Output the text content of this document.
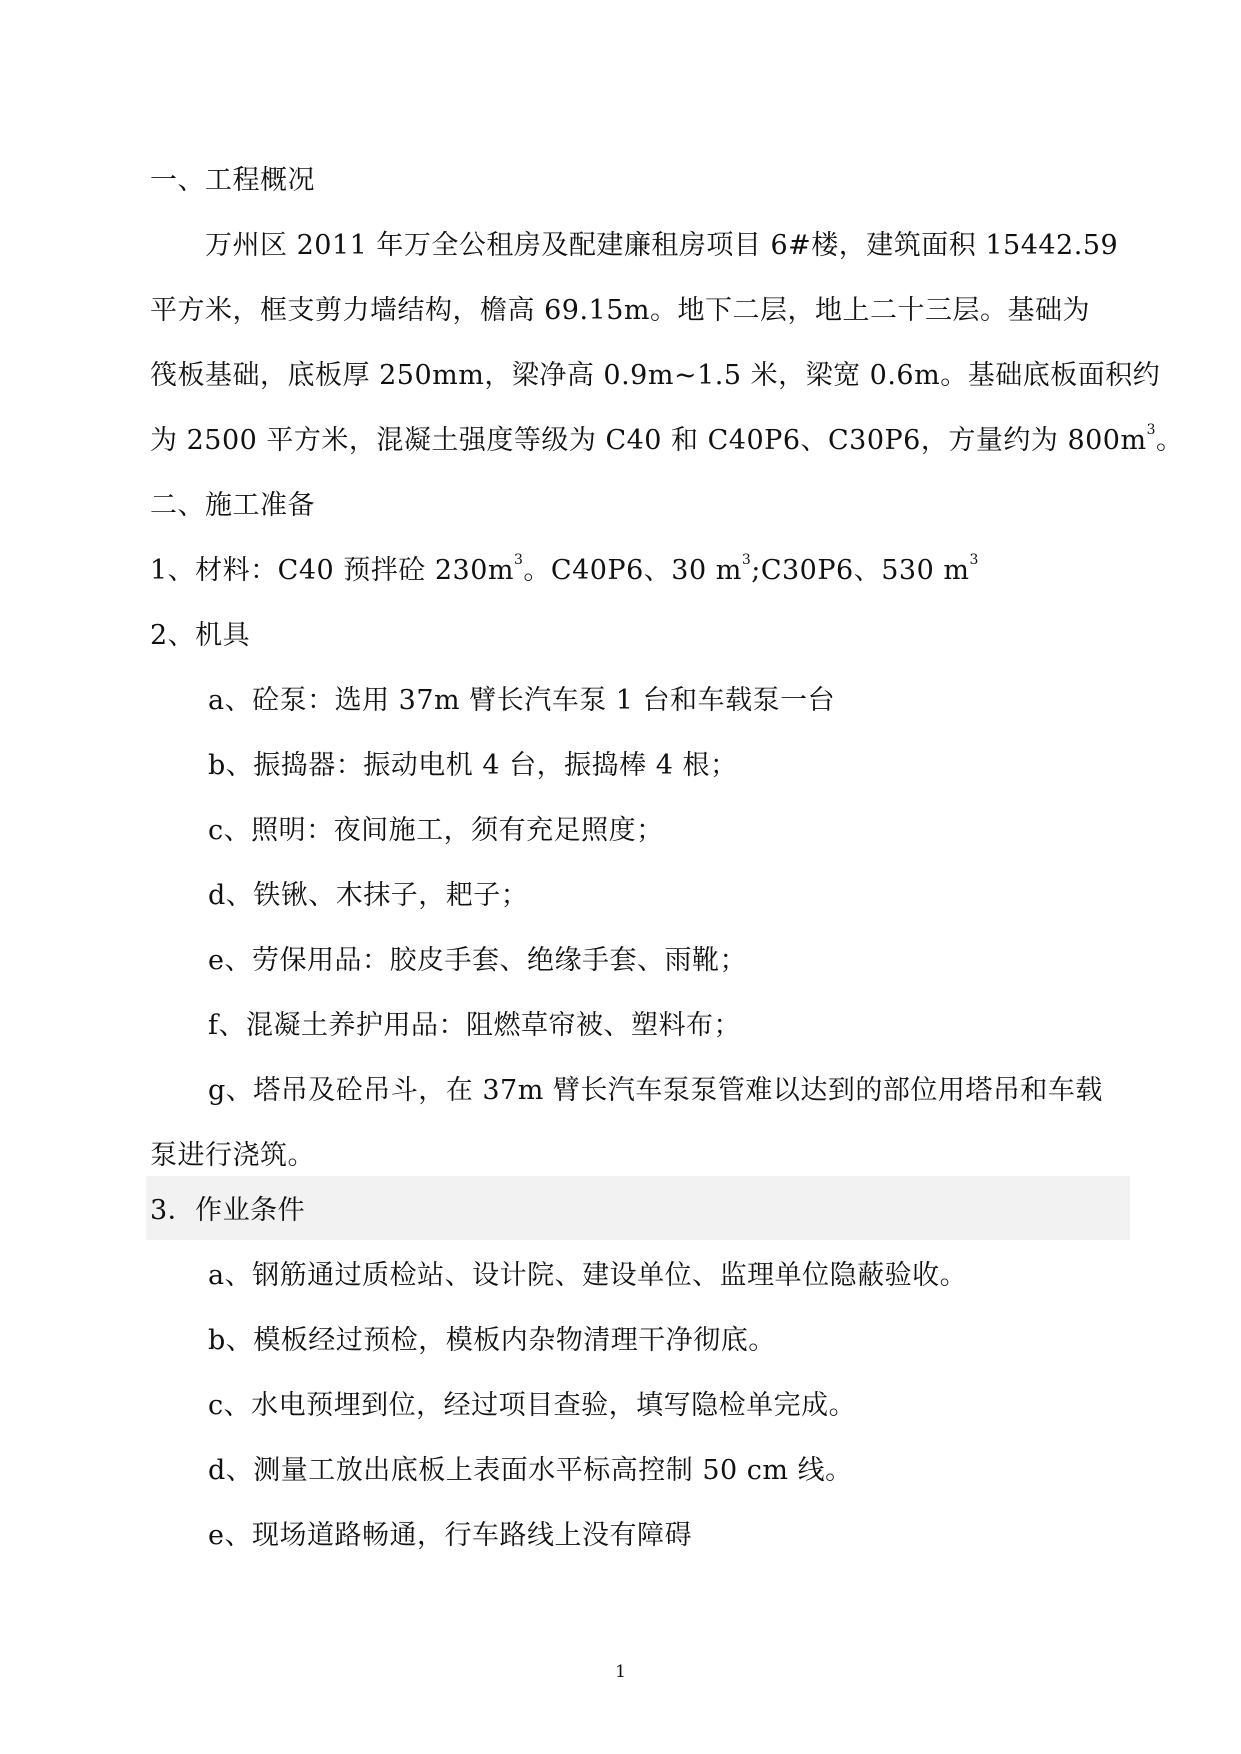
一、工程概况
万州区 2011 年万全公租房及配建廉租房项目 6#楼，建筑面积 15442.59
平方米，框支剪力墙结构，檐高 69.15m。地下二层，地上二十三层。基础为
筏板基础，底板厚 250mm，梁净高 0.9m~1.5 米，梁宽 0.6m。基础底板面积约
为 2500 平方米，混凝土强度等级为 C40 和 C40P6、C30P6，方量约为 $800m^3$。
二、施工准备
1、材料：C40 预拌砼 $230m^3$。C40P6、30 $m^3;C30P6$、530 $m^3$
2、机具
a、砼泵：选用 37m 臂长汽车泵 1 台和车载泵一台
b、振捣器：振动电机 4 台，振捣棒 4 根；
c、照明：夜间施工，须有充足照度；
d、铁锹、木抹子，耙子；
e、劳保用品：胶皮手套、绝缘手套、雨靴；
f、混凝土养护用品：阻燃草帘被、塑料布；
g、塔吊及砼吊斗，在 37m 臂长汽车泵泵管难以达到的部位用塔吊和车载
泵进行浇筑。
3．作业条件
a、钢筋通过质检站、设计院、建设单位、监理单位隐蔽验收。
b、模板经过预检，模板内杂物清理干净彻底。
c、水电预埋到位，经过项目查验，填写隐检单完成。
d、测量工放出底板上表面水平标高控制 50 cm 线。
e、现场道路畅通，行车路线上没有障碍
1
